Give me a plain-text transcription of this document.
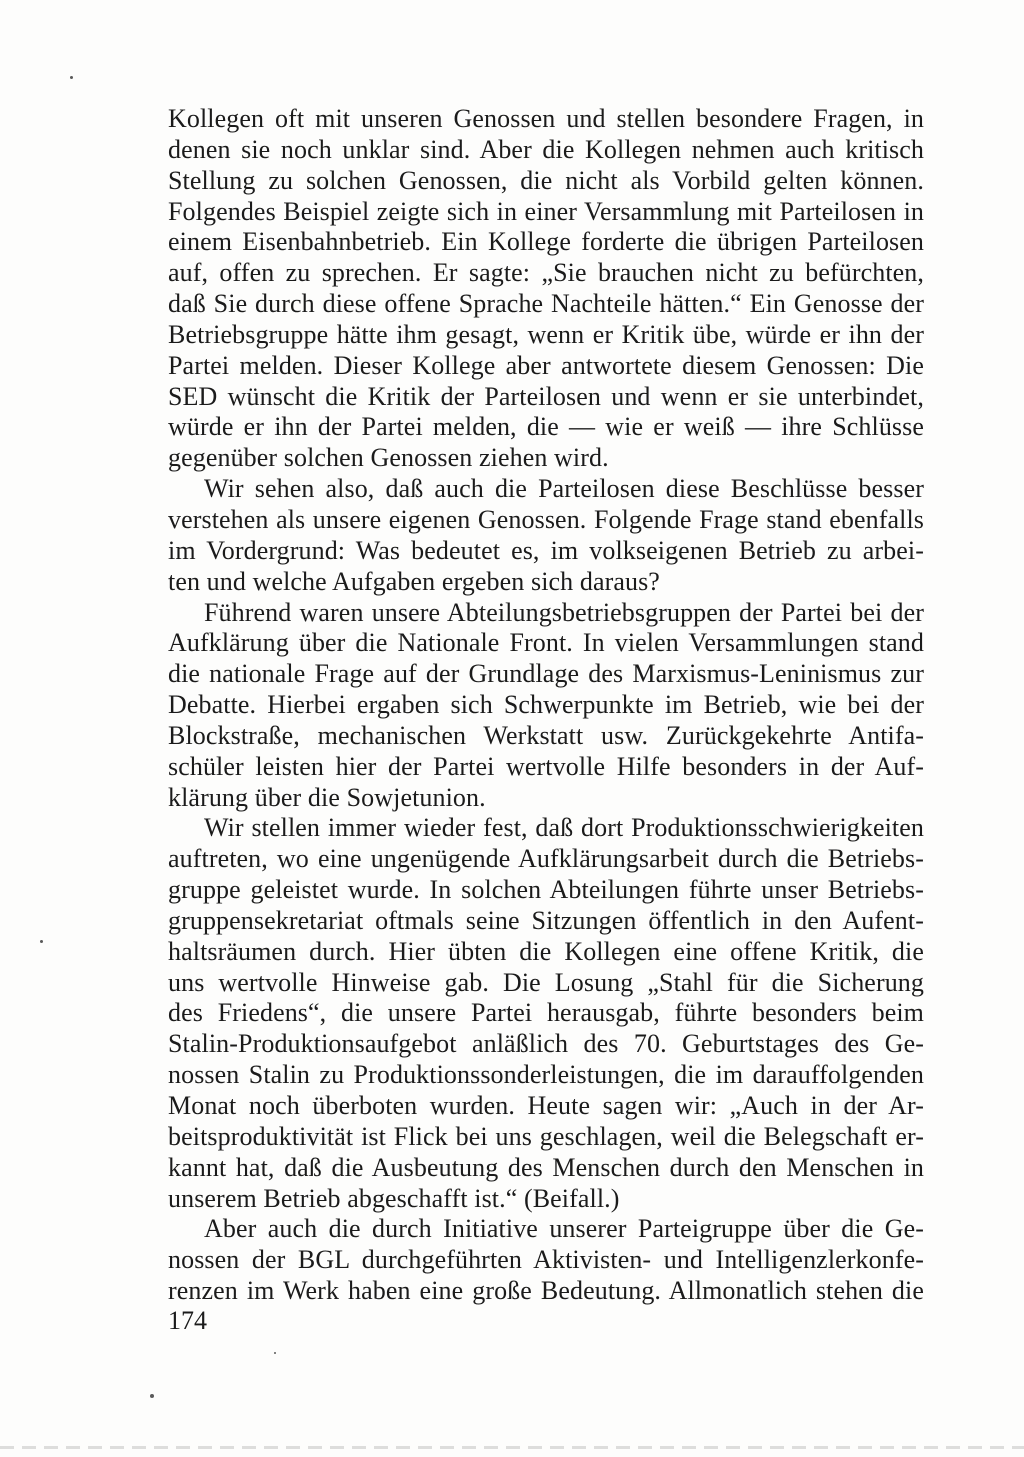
Kollegen oft mit unseren Genossen und stellen besondere Fragen, in
denen sie noch unklar sind. Aber die Kollegen nehmen auch kritisch
Stellung zu solchen Genossen, die nicht als Vorbild gelten können.
Folgendes Beispiel zeigte sich in einer Versammlung mit Parteilosen in
einem Eisenbahnbetrieb. Ein Kollege forderte die übrigen Parteilosen
auf, offen zu sprechen. Er sagte: „Sie brauchen nicht zu befürchten,
daß Sie durch diese offene Sprache Nachteile hätten.“ Ein Genosse der
Betriebsgruppe hätte ihm gesagt, wenn er Kritik übe, würde er ihn der
Partei melden. Dieser Kollege aber antwortete diesem Genossen: Die
SED wünscht die Kritik der Parteilosen und wenn er sie unterbindet,
würde er ihn der Partei melden, die — wie er weiß — ihre Schlüsse
gegenüber solchen Genossen ziehen wird.
Wir sehen also, daß auch die Parteilosen diese Beschlüsse besser
verstehen als unsere eigenen Genossen. Folgende Frage stand ebenfalls
im Vordergrund: Was bedeutet es, im volkseigenen Betrieb zu arbei-
ten und welche Aufgaben ergeben sich daraus?
Führend waren unsere Abteilungsbetriebsgruppen der Partei bei der
Aufklärung über die Nationale Front. In vielen Versammlungen stand
die nationale Frage auf der Grundlage des Marxismus-Leninismus zur
Debatte. Hierbei ergaben sich Schwerpunkte im Betrieb, wie bei der
Blockstraße, mechanischen Werkstatt usw. Zurückgekehrte Antifa-
schüler leisten hier der Partei wertvolle Hilfe besonders in der Auf-
klärung über die Sowjetunion.
Wir stellen immer wieder fest, daß dort Produktionsschwierigkeiten
auftreten, wo eine ungenügende Aufklärungsarbeit durch die Betriebs-
gruppe geleistet wurde. In solchen Abteilungen führte unser Betriebs-
gruppensekretariat oftmals seine Sitzungen öffentlich in den Aufent-
haltsräumen durch. Hier übten die Kollegen eine offene Kritik, die
uns wertvolle Hinweise gab. Die Losung „Stahl für die Sicherung
des Friedens“, die unsere Partei herausgab, führte besonders beim
Stalin-Produktionsaufgebot anläßlich des 70. Geburtstages des Ge-
nossen Stalin zu Produktionssonderleistungen, die im darauffolgenden
Monat noch überboten wurden. Heute sagen wir: „Auch in der Ar-
beitsproduktivität ist Flick bei uns geschlagen, weil die Belegschaft er-
kannt hat, daß die Ausbeutung des Menschen durch den Menschen in
unserem Betrieb abgeschafft ist.“ (Beifall.)
Aber auch die durch Initiative unserer Parteigruppe über die Ge-
nossen der BGL durchgeführten Aktivisten- und Intelligenzlerkonfe-
renzen im Werk haben eine große Bedeutung. Allmonatlich stehen die
174
